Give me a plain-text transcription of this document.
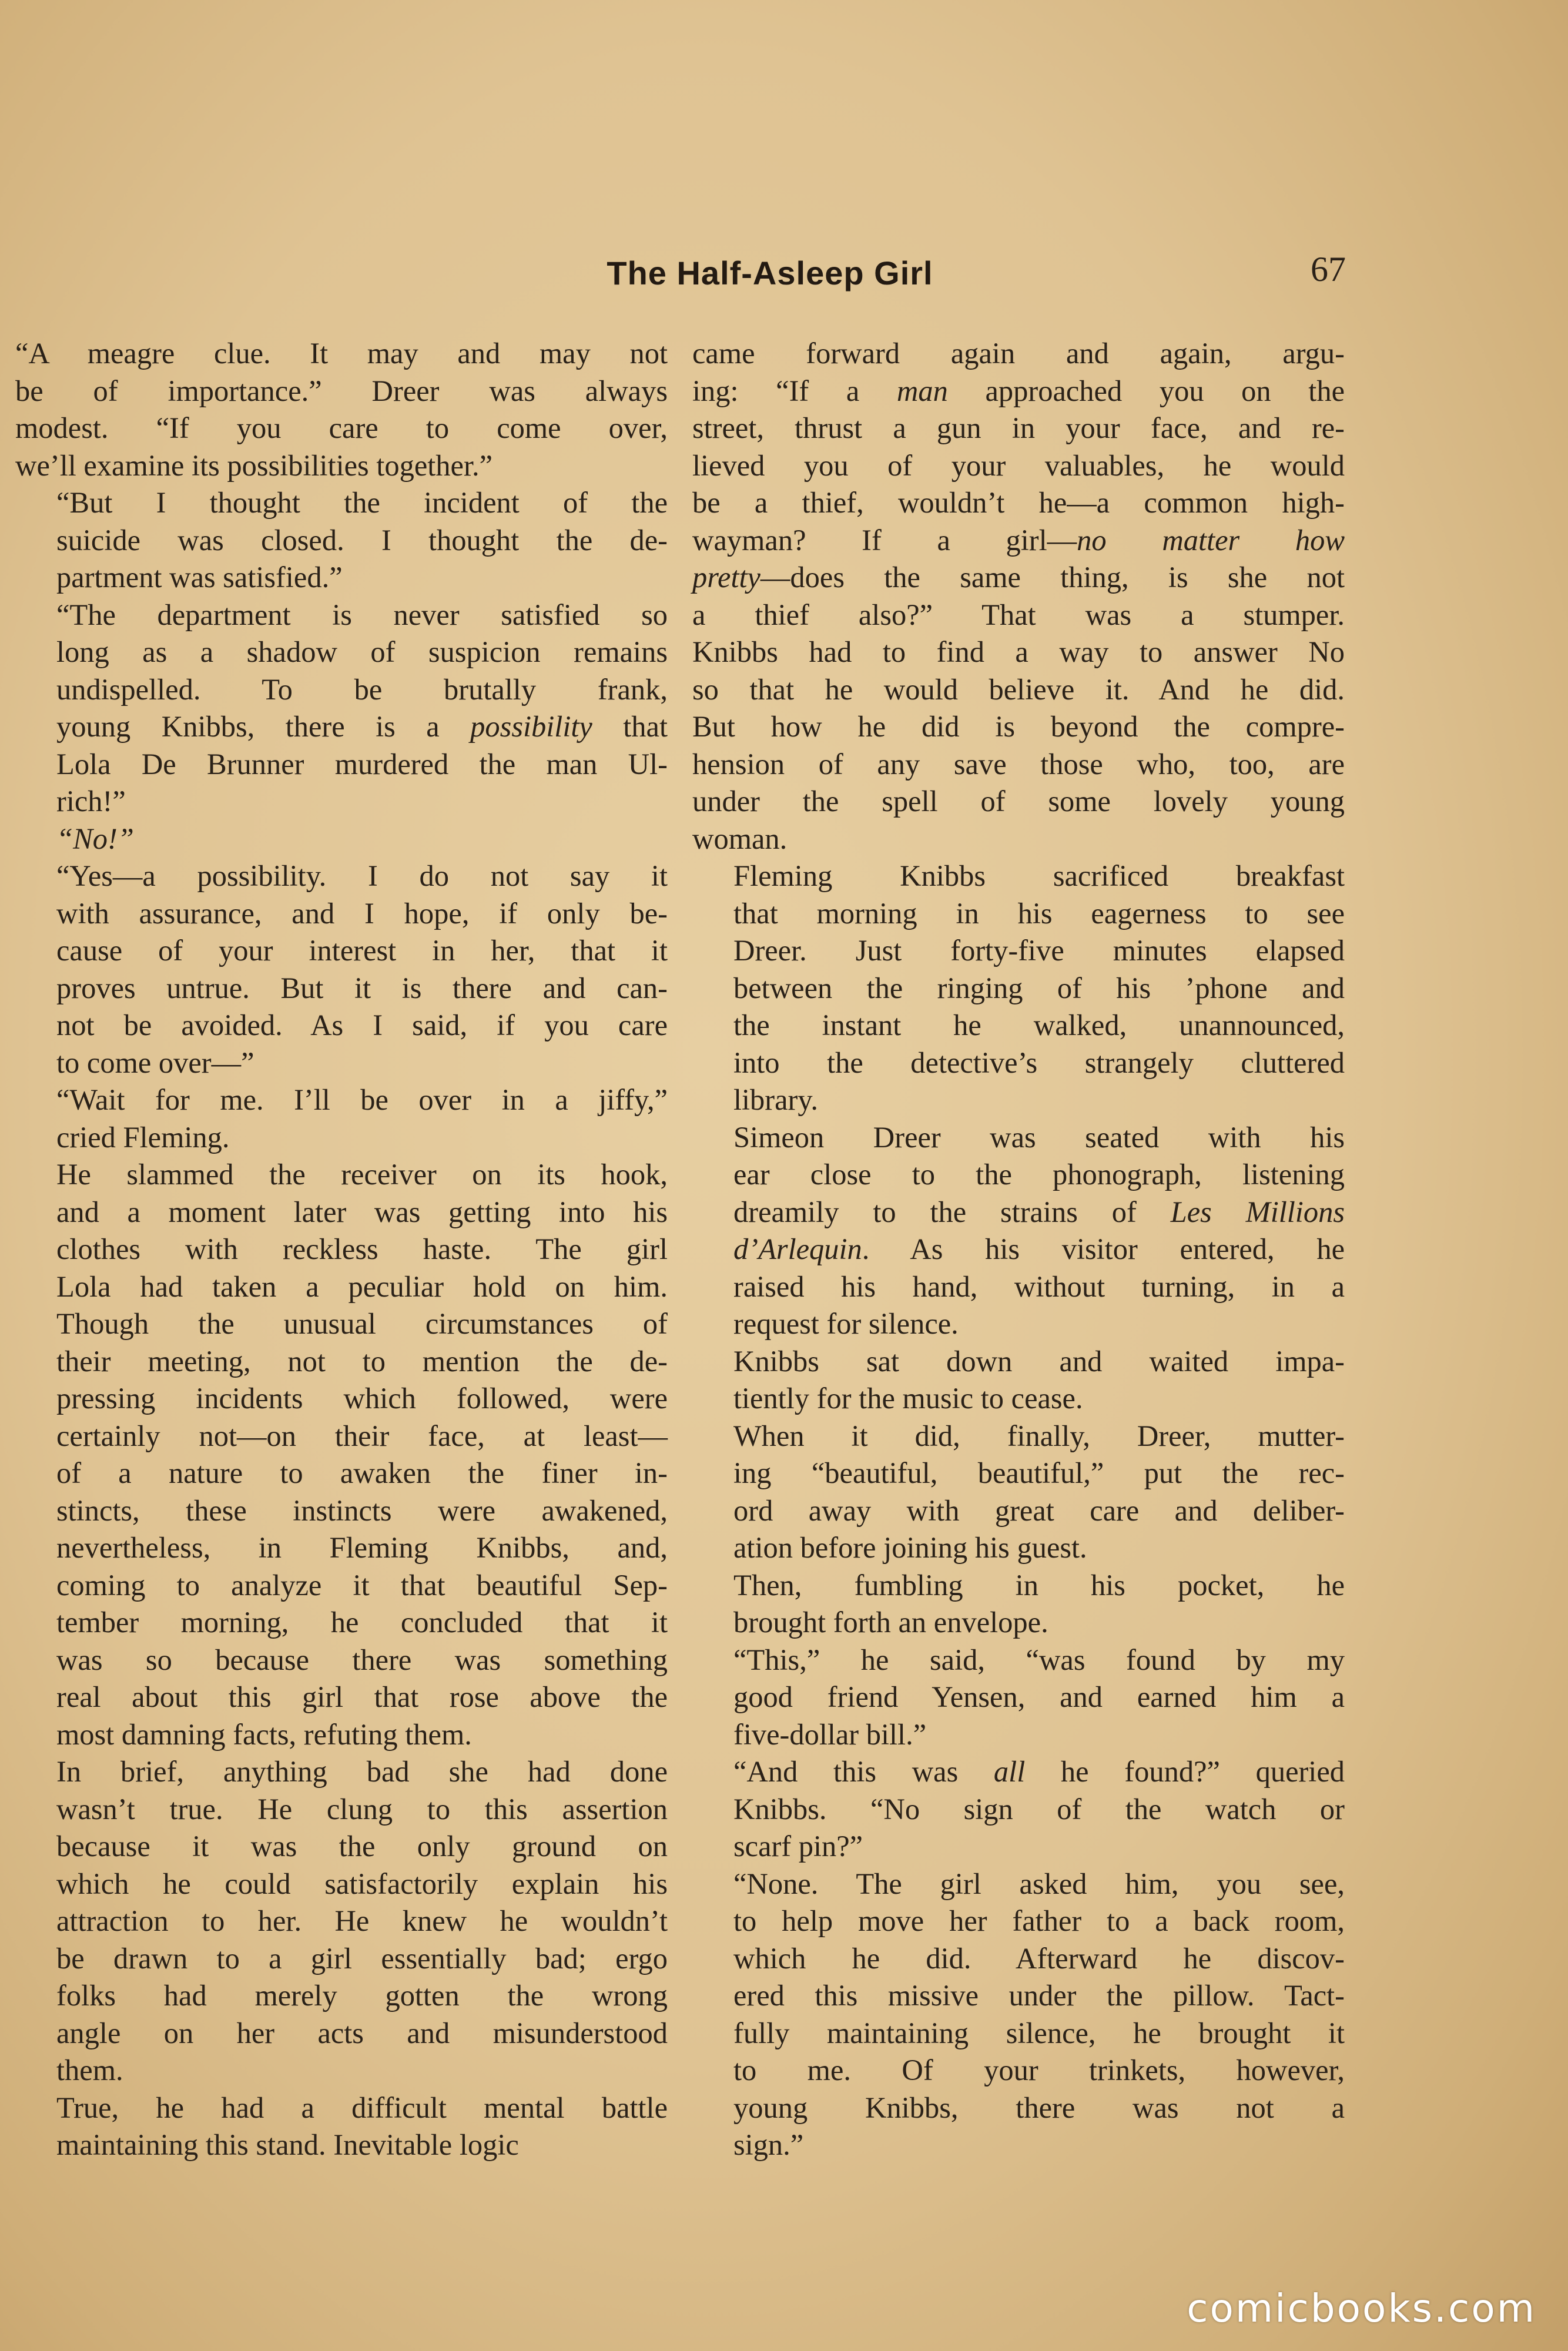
The Half-Asleep Girl	67

“A meagre clue. It may and may not
be of importance.” Dreer was always
modest. “If you care to come over,
we’ll examine its possibilities together.”

“But I thought the incident of the
suicide was closed. I thought the de-
partment was satisfied.”

“The department is never satisfied so
long as a shadow of suspicion remains
undispelled. To be brutally frank,
young Knibbs, there is a possibility that
Lola De Brunner murdered the man Ul-
rich!”

“No!”

“Yes—a possibility. I do not say it
with assurance, and I hope, if only be-
cause of your interest in her, that it
proves untrue. But it is there and can-
not be avoided. As I said, if you care
to come over—”

“Wait for me. I’ll be over in a jiffy,”
cried Fleming.

He slammed the receiver on its hook,
and a moment later was getting into his
clothes with reckless haste. The girl
Lola had taken a peculiar hold on him.
Though the unusual circumstances of
their meeting, not to mention the de-
pressing incidents which followed, were
certainly not—on their face, at least—
of a nature to awaken the finer in-
stincts, these instincts were awakened,
nevertheless, in Fleming Knibbs, and,
coming to analyze it that beautiful Sep-
tember morning, he concluded that it
was so because there was something
real about this girl that rose above the
most damning facts, refuting them.

In brief, anything bad she had done
wasn’t true. He clung to this assertion
because it was the only ground on
which he could satisfactorily explain his
attraction to her. He knew he wouldn’t
be drawn to a girl essentially bad; ergo
folks had merely gotten the wrong
angle on her acts and misunderstood
them.

True, he had a difficult mental battle
maintaining this stand. Inevitable logic

came forward again and again, argu-
ing: “If a man approached you on the
street, thrust a gun in your face, and re-
lieved you of your valuables, he would
be a thief, wouldn’t he—a common high-
wayman? If a girl—no matter how
pretty—does the same thing, is she not
a thief also?” That was a stumper.
Knibbs had to find a way to answer No
so that he would believe it. And he did.
But how he did is beyond the compre-
hension of any save those who, too, are
under the spell of some lovely young
woman.

Fleming Knibbs sacrificed breakfast
that morning in his eagerness to see
Dreer. Just forty-five minutes elapsed
between the ringing of his ’phone and
the instant he walked, unannounced,
into the detective’s strangely cluttered
library.

Simeon Dreer was seated with his
ear close to the phonograph, listening
dreamily to the strains of Les Millions
d’Arlequin. As his visitor entered, he
raised his hand, without turning, in a
request for silence.

Knibbs sat down and waited impa-
tiently for the music to cease.

When it did, finally, Dreer, mutter-
ing “beautiful, beautiful,” put the rec-
ord away with great care and deliber-
ation before joining his guest.

Then, fumbling in his pocket, he
brought forth an envelope.

“This,” he said, “was found by my
good friend Yensen, and earned him a
five-dollar bill.”

“And this was all he found?” queried
Knibbs. “No sign of the watch or
scarf pin?”

“None. The girl asked him, you see,
to help move her father to a back room,
which he did. Afterward he discov-
ered this missive under the pillow. Tact-
fully maintaining silence, he brought it
to me. Of your trinkets, however,
young Knibbs, there was not a
sign.”

comicbooks.com
